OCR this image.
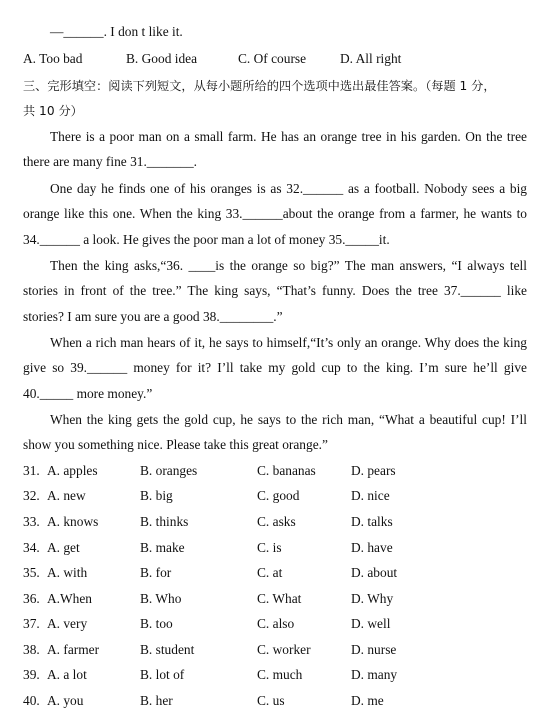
—______. I don t like it.
A. Too bad	B. Good idea	C. Of course	D. All right
三、完形填空：阅读下列短文，从每小题所给的四个选项中选出最佳答案。（每题 1 分，
共 10 分）
There is a poor man on a small farm. He has an orange tree in his garden. On the tree
there are many fine 31._______.
One day he finds one of his oranges is as 32.______ as a football. Nobody sees a big
orange like this one. When the king 33.______about the orange from a farmer, he wants to
34.______ a look. He gives the poor man a lot of money 35._____it.
Then the king asks,“36. ____is the orange so big?” The man answers, “I always tell
stories in front of the tree.” The king says, “That’s funny. Does the tree 37.______ like
stories? I am sure you are a good 38.________.”
When a rich man hears of it, he says to himself,“It’s only an orange. Why does the king
give so 39.______ money for it? I’ll take my gold cup to the king. I’m sure he’ll give
40._____ more money.”
When the king gets the gold cup, he says to the rich man, “What a beautiful cup! I’ll
show you something nice. Please take this great orange.”
31. A. apples	B. oranges	C. bananas	D. pears
32. A. new	B. big	C. good	D. nice
33. A. knows	B. thinks	C. asks	D. talks
34. A. get	B. make	C. is	D. have
35. A. with	B. for	C. at	D. about
36. A.When	B. Who	C. What	D. Why
37. A. very	B. too	C. also	D. well
38. A. farmer	B. student	C. worker	D. nurse
39. A. a lot	B. lot of	C. much	D. many
40. A. you	B. her	C. us	D. me
